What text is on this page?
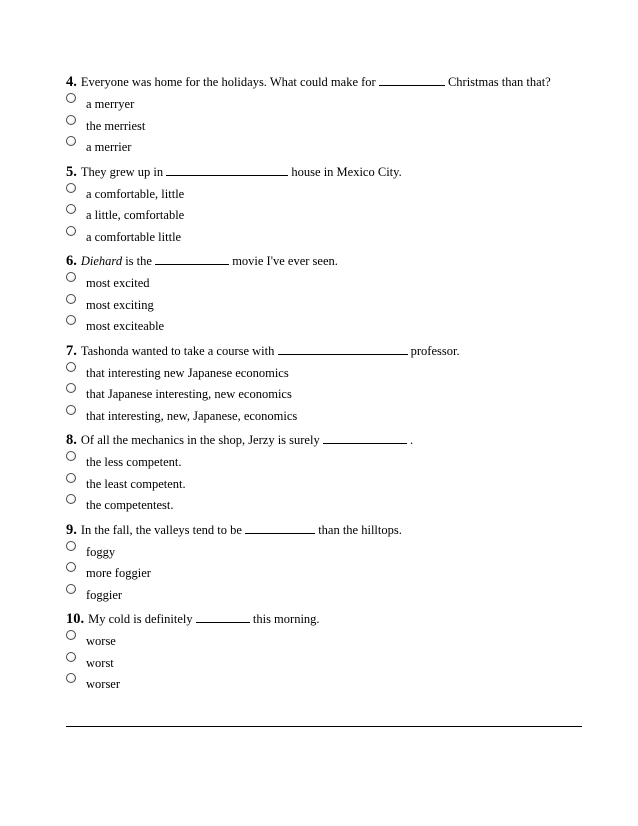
4. Everyone was home for the holidays. What could make for	Christmas than that?
a merryer
the merriest
a merrier
5. They grew up in	house in Mexico City.
a comfortable, little
a little, comfortable
a comfortable little
6. Diehard is the	movie I've ever seen.
most excited
most exciting
most exciteable
7. Tashonda wanted to take a course with	professor.
that interesting new Japanese economics
that Japanese interesting, new economics
that interesting, new, Japanese, economics
8. Of all the mechanics in the shop, Jerzy is surely	.
the less competent.
the least competent.
the competentest.
9. In the fall, the valleys tend to be	than the hilltops.
foggy
more foggier
foggier
10. My cold is definitely	this morning.
worse
worst
worser
